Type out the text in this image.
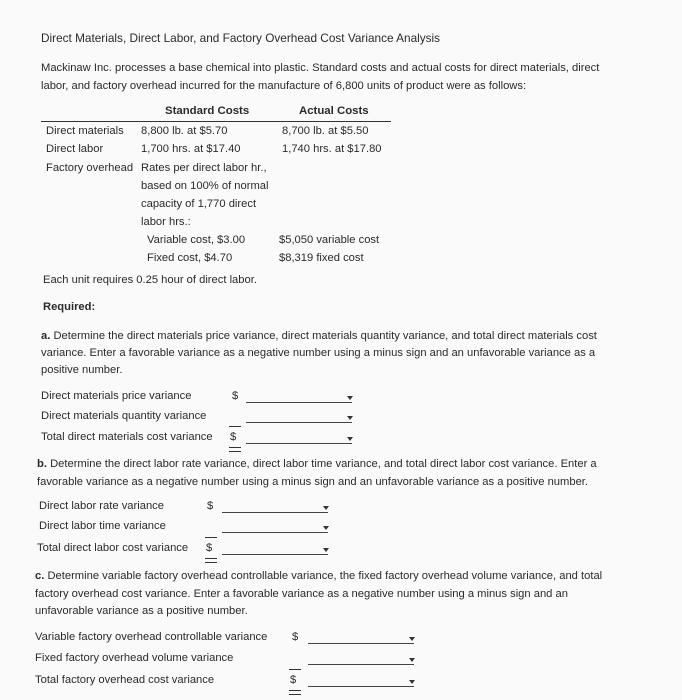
Direct Materials, Direct Labor, and Factory Overhead Cost Variance Analysis
Mackinaw Inc. processes a base chemical into plastic. Standard costs and actual costs for direct materials, direct
labor, and factory overhead incurred for the manufacture of 6,800 units of product were as follows:
Standard Costs	Actual Costs
Direct materials 8,800 lb. at $5.70	8,700 lb. at $5.50
Direct labor	1,700 hrs. at $17.40	1,740 hrs. at $17.80
Factory overhead Rates per direct labor hr.,
based on 100% of normal
capacity of 1,770 direct
labor hrs.:
Variable cost, $3.00	$5,050 variable cost
Fixed cost, $4.70	$8,319 fixed cost
Each unit requires 0.25 hour of direct labor.
Required:
a. Determine the direct materials price variance, direct materials quantity variance, and total direct materials cost
variance. Enter a favorable variance as a negative number using a minus sign and an unfavorable variance as a
positive number.
Direct materials price variance	$
Direct materials quantity variance
Total direct materials cost variance $
b. Determine the direct labor rate variance, direct labor time variance, and total direct labor cost variance. Enter a
favorable variance as a negative number using a minus sign and an unfavorable variance as a positive number.
Direct labor rate variance	$
Direct labor time variance
Total direct labor cost variance $
c. Determine variable factory overhead controllable variance, the fixed factory overhead volume variance, and total
factory overhead cost variance. Enter a favorable variance as a negative number using a minus sign and an
unfavorable variance as a positive number.
Variable factory overhead controllable variance $
Fixed factory overhead volume variance
Total factory overhead cost variance	$
